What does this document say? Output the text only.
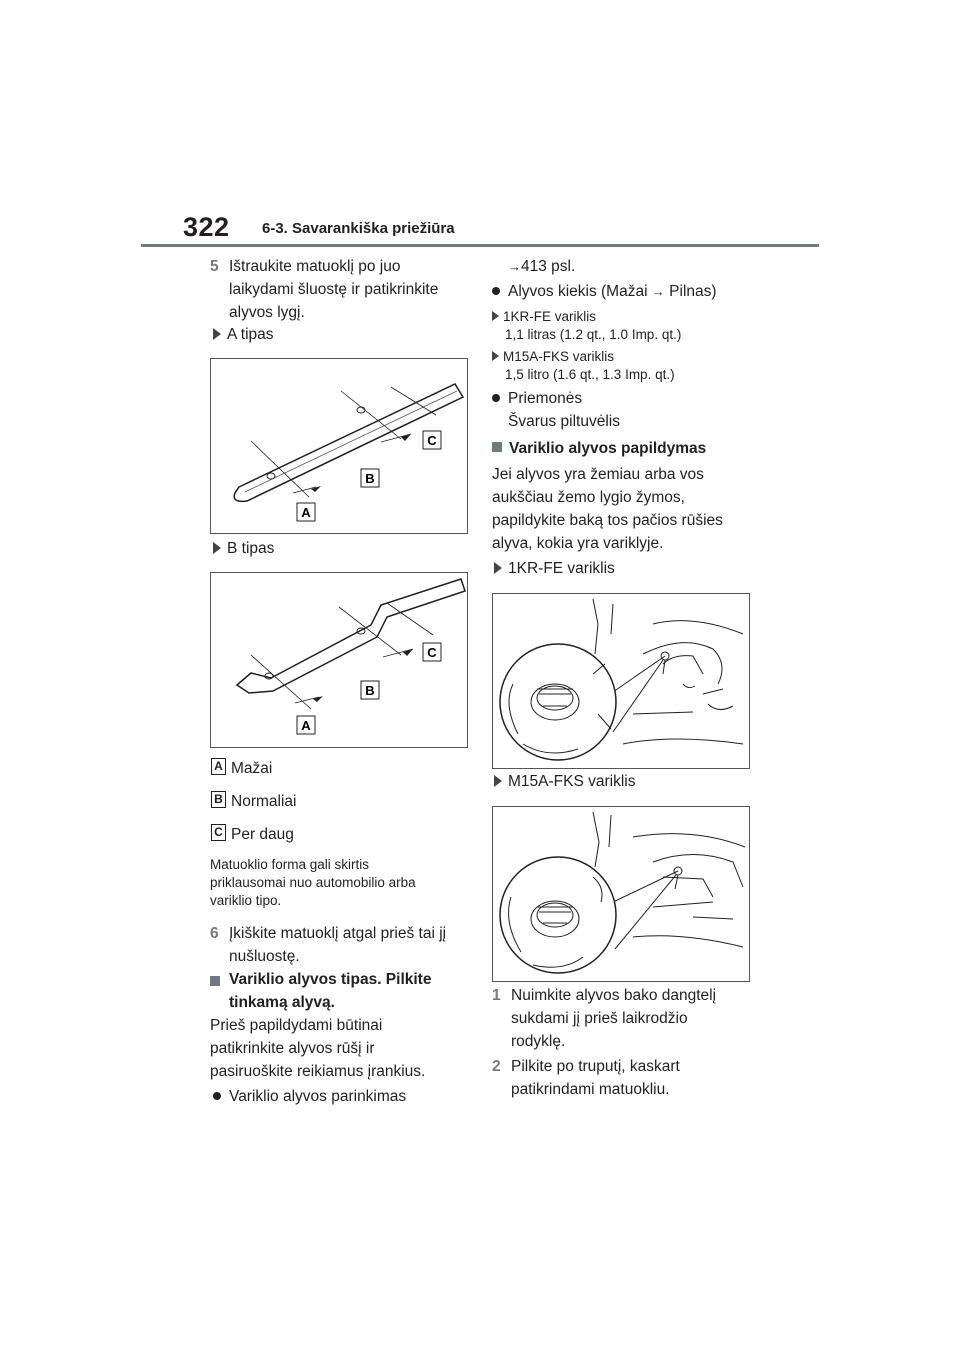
322 6-3. Savarankiška priežiūra
5 Ištraukite matuoklį po juo
laikydami šluostę ir patikrinkite
alyvos lygį.
A tipas
A
B
C
B tipas
A
B
C
A Mažai
B Normaliai
C Per daug
Matuoklio forma gali skirtis
priklausomai nuo automobilio arba
variklio tipo.
6 Įkiškite matuoklį atgal prieš tai jį
nušluostę.
Variklio alyvos tipas. Pilkite
tinkamą alyvą.
Prieš papildydami būtinai
patikrinkite alyvos rūšį ir
pasiruoškite reikiamus įrankius.
Variklio alyvos parinkimas
→413 psl.
Alyvos kiekis (Mažai → Pilnas)
1KR-FE variklis
1,1 litras (1.2 qt., 1.0 Imp. qt.)
M15A-FKS variklis
1,5 litro (1.6 qt., 1.3 Imp. qt.)
Priemonės
Švarus piltuvėlis
Variklio alyvos papildymas
Jei alyvos yra žemiau arba vos
aukščiau žemo lygio žymos,
papildykite baką tos pačios rūšies
alyva, kokia yra variklyje.
1KR-FE variklis
M15A-FKS variklis
1 Nuimkite alyvos bako dangtelį
sukdami jį prieš laikrodžio
rodyklę.
2 Pilkite po truputį, kaskart
patikrindami matuokliu.
